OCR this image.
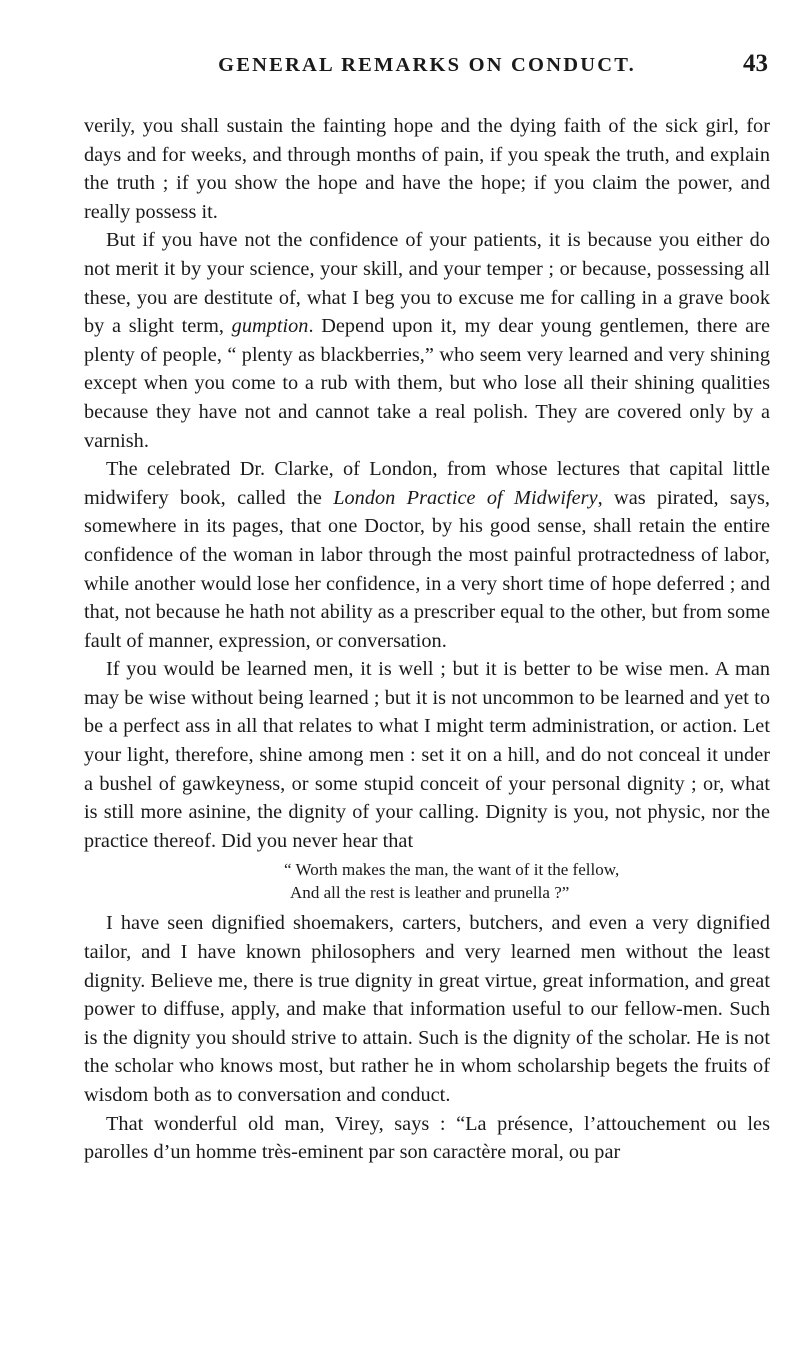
GENERAL REMARKS ON CONDUCT.	43

verily, you shall sustain the fainting hope and the dying faith of the sick girl, for days and for weeks, and through months of pain, if you speak the truth, and explain the truth ; if you show the hope and have the hope; if you claim the power, and really possess it.

But if you have not the confidence of your patients, it is because you either do not merit it by your science, your skill, and your temper ; or because, possessing all these, you are destitute of, what I beg you to excuse me for calling in a grave book by a slight term, gumption. Depend upon it, my dear young gentlemen, there are plenty of people, “ plenty as blackberries,” who seem very learned and very shining except when you come to a rub with them, but who lose all their shining qualities because they have not and cannot take a real polish. They are covered only by a varnish.

The celebrated Dr. Clarke, of London, from whose lectures that capital little midwifery book, called the London Practice of Midwifery, was pirated, says, somewhere in its pages, that one Doctor, by his good sense, shall retain the entire confidence of the woman in labor through the most painful protractedness of labor, while another would lose her confidence, in a very short time of hope deferred ; and that, not because he hath not ability as a prescriber equal to the other, but from some fault of manner, expression, or conversation.

If you would be learned men, it is well ; but it is better to be wise men. A man may be wise without being learned ; but it is not uncommon to be learned and yet to be a perfect ass in all that relates to what I might term administration, or action. Let your light, therefore, shine among men : set it on a hill, and do not conceal it under a bushel of gawkeyness, or some stupid conceit of your personal dignity ; or, what is still more asinine, the dignity of your calling. Dignity is you, not physic, nor the practice thereof. Did you never hear that

“ Worth makes the man, the want of it the fellow,
And all the rest is leather and prunella ?”

I have seen dignified shoemakers, carters, butchers, and even a very dignified tailor, and I have known philosophers and very learned men without the least dignity. Believe me, there is true dignity in great virtue, great information, and great power to diffuse, apply, and make that information useful to our fellow-men. Such is the dignity you should strive to attain. Such is the dignity of the scholar. He is not the scholar who knows most, but rather he in whom scholarship begets the fruits of wisdom both as to conversation and conduct.

That wonderful old man, Virey, says : “La présence, l’attouchement ou les parolles d’un homme très-eminent par son caractère moral, ou par
